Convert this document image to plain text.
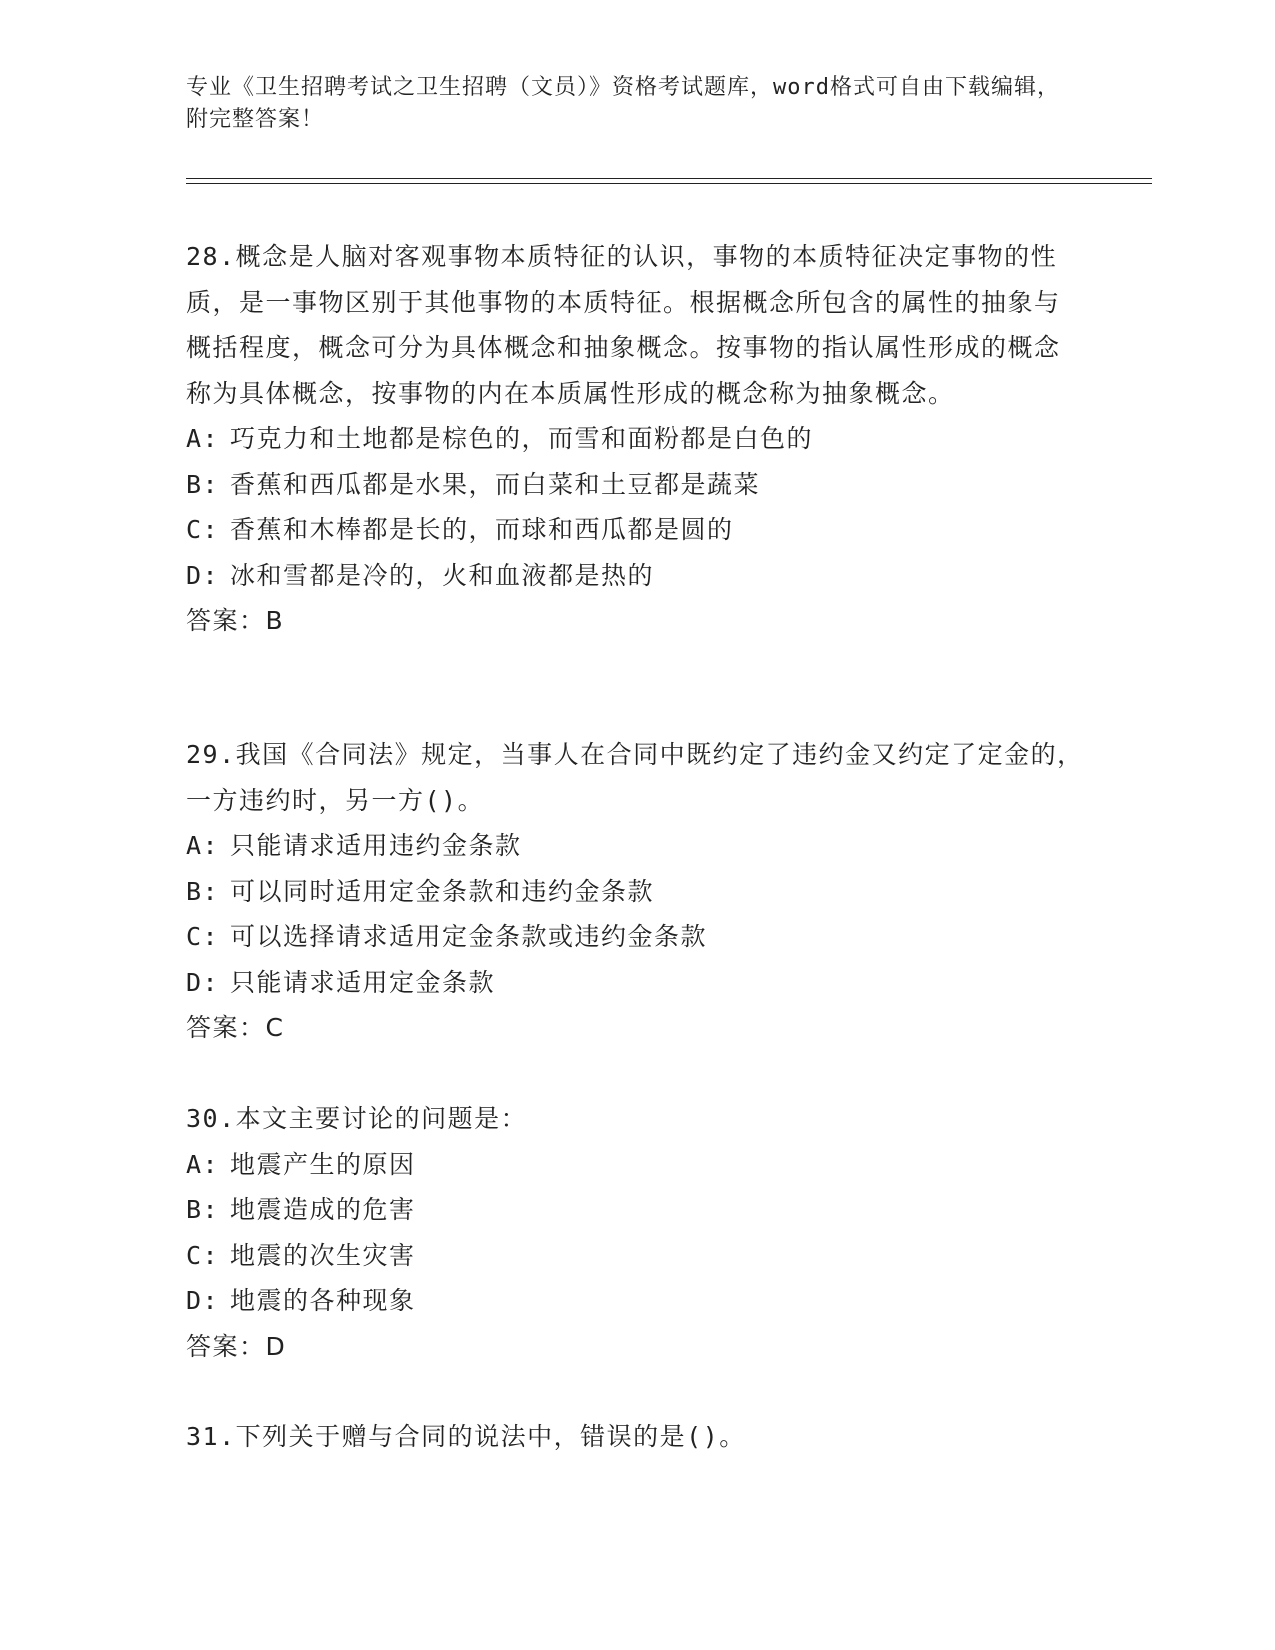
专业《卫生招聘考试之卫生招聘（文员）》资格考试题库，word格式可自由下载编辑，附完整答案！

28.概念是人脑对客观事物本质特征的认识，事物的本质特征决定事物的性质，是一事物区别于其他事物的本质特征。根据概念所包含的属性的抽象与概括程度，概念可分为具体概念和抽象概念。按事物的指认属性形成的概念称为具体概念，按事物的内在本质属性形成的概念称为抽象概念。

A: 巧克力和土地都是棕色的，而雪和面粉都是白色的

B: 香蕉和西瓜都是水果，而白菜和土豆都是蔬菜

C: 香蕉和木棒都是长的，而球和西瓜都是圆的

D: 冰和雪都是冷的，火和血液都是热的

答案：B

29.我国《合同法》规定，当事人在合同中既约定了违约金又约定了定金的，一方违约时，另一方()。

A: 只能请求适用违约金条款

B: 可以同时适用定金条款和违约金条款

C: 可以选择请求适用定金条款或违约金条款

D: 只能请求适用定金条款

答案：C

30.本文主要讨论的问题是：

A: 地震产生的原因

B: 地震造成的危害

C: 地震的次生灾害

D: 地震的各种现象

答案：D

31.下列关于赠与合同的说法中，错误的是()。
